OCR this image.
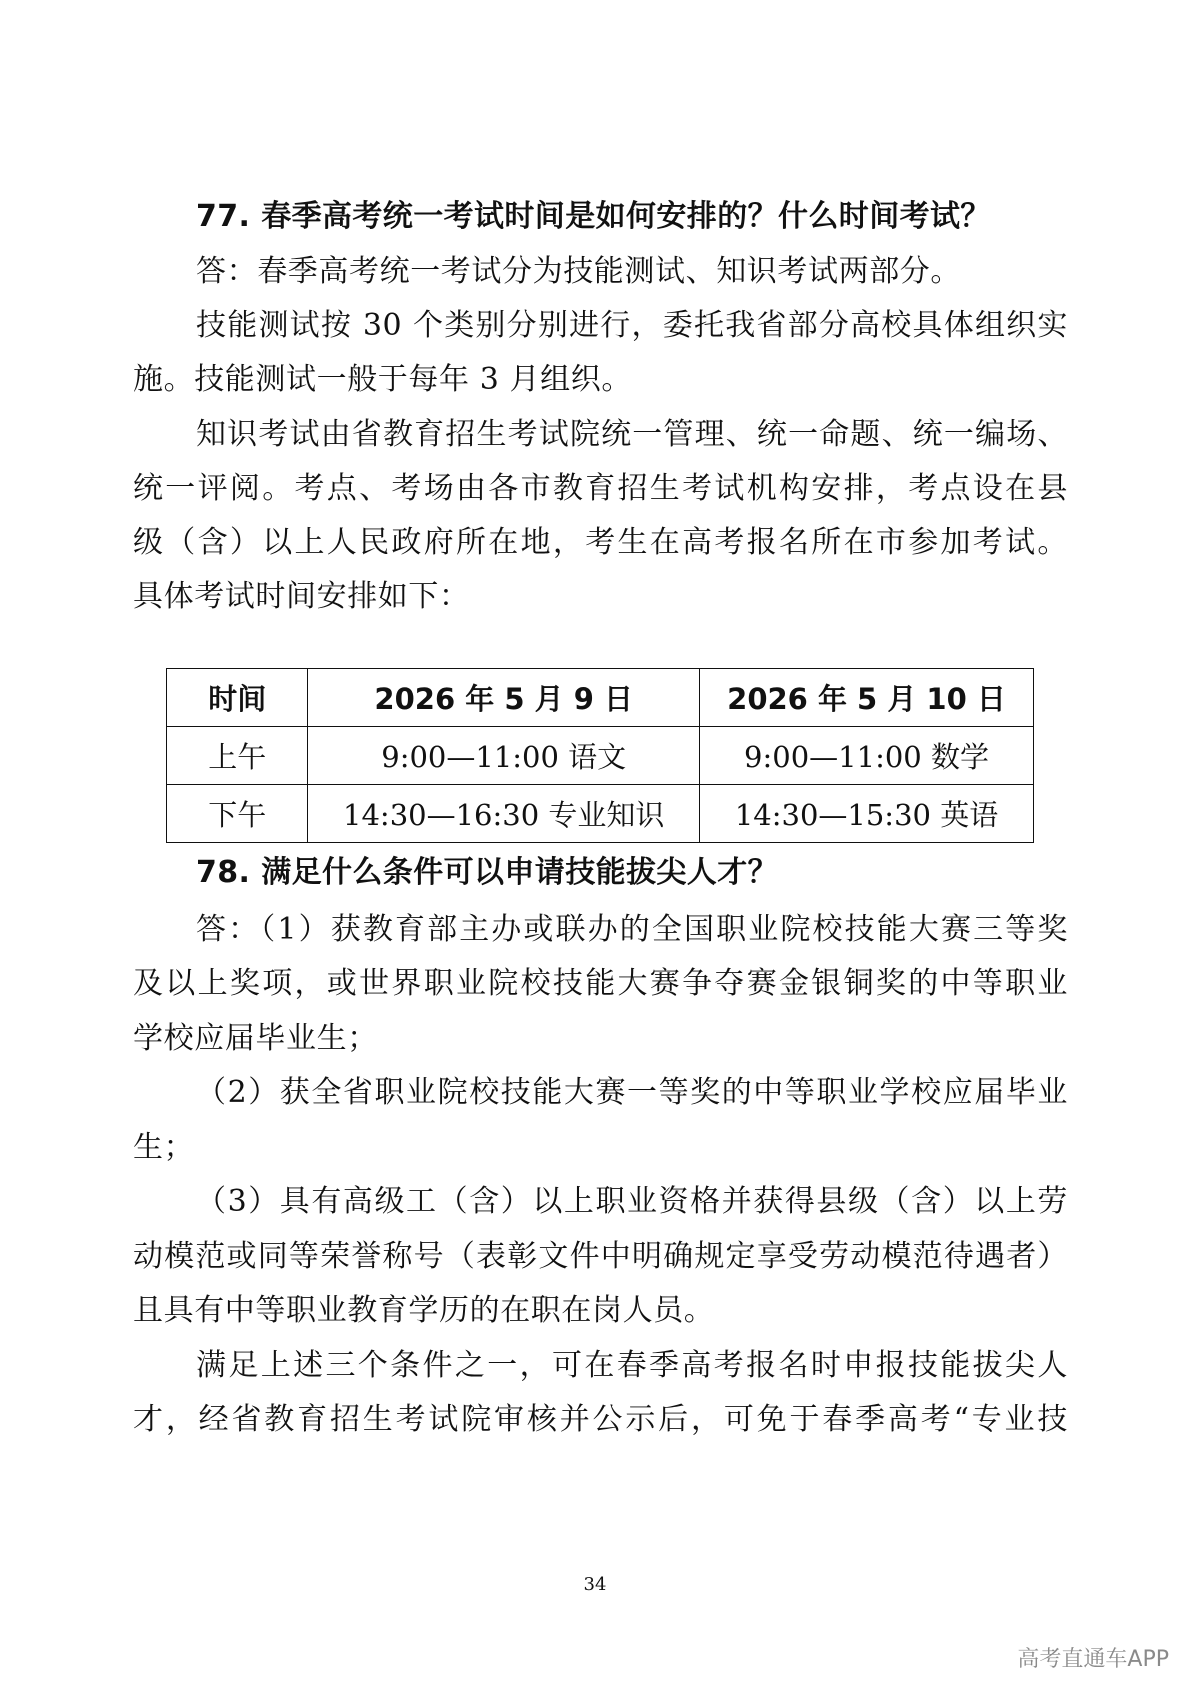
77. 春季高考统一考试时间是如何安排的？什么时间考试？
答：春季高考统一考试分为技能测试、知识考试两部分。
技能测试按 30 个类别分别进行，委托我省部分高校具体组织实
施。技能测试一般于每年 3 月组织。
知识考试由省教育招生考试院统一管理、统一命题、统一编场、
统一评阅。考点、考场由各市教育招生考试机构安排，考点设在县
级（含）以上人民政府所在地，考生在高考报名所在市参加考试。
具体考试时间安排如下：
时间	2026 年 5 月 9 日	2026 年 5 月 10 日
上午	9:00—11:00 语文	9:00—11:00 数学
下午	14:30—16:30 专业知识	14:30—15:30 英语
78. 满足什么条件可以申请技能拔尖人才？
答：（1）获教育部主办或联办的全国职业院校技能大赛三等奖
及以上奖项，或世界职业院校技能大赛争夺赛金银铜奖的中等职业
学校应届毕业生；
（2）获全省职业院校技能大赛一等奖的中等职业学校应届毕业
生；
（3）具有高级工（含）以上职业资格并获得县级（含）以上劳
动模范或同等荣誉称号（表彰文件中明确规定享受劳动模范待遇者）
且具有中等职业教育学历的在职在岗人员。
满足上述三个条件之一，可在春季高考报名时申报技能拔尖人
才，经省教育招生考试院审核并公示后，可免于春季高考“专业技
34
高考直通车APP
